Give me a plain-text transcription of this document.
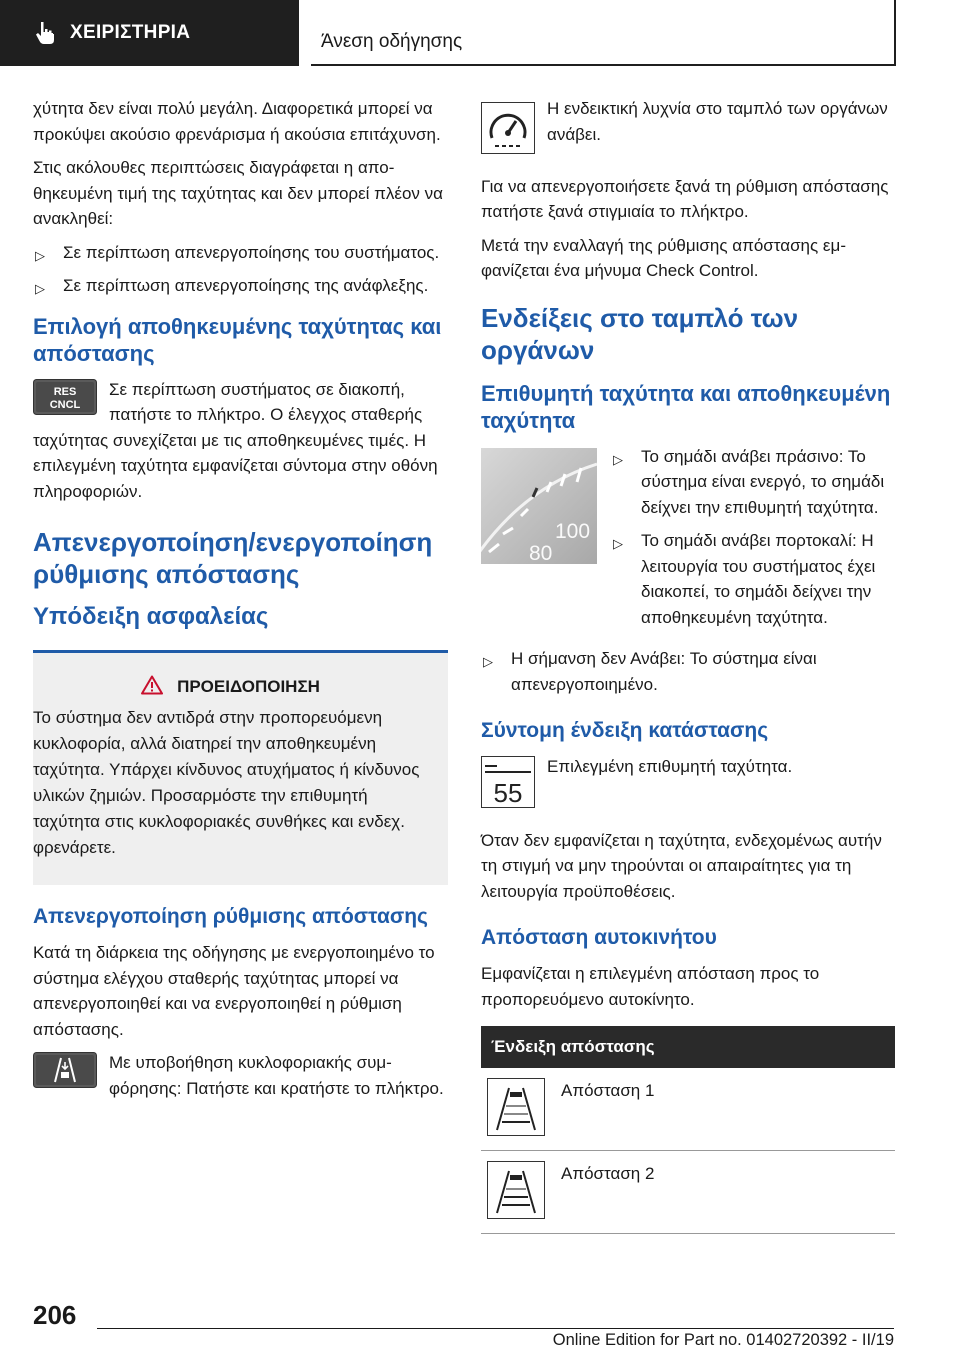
ΧΕΙΡΙΣΤΗΡΙΑ	Άνεση οδήγησης

χύτητα δεν είναι πολύ μεγάλη. Διαφορετικά μπορεί να προκύψει ακούσιο φρενάρισμα ή ακούσια επιτάχυνση.

Στις ακόλουθες περιπτώσεις διαγράφεται η αποθηκευμένη τιμή της ταχύτητας και δεν μπορεί πλέον να ανακληθεί:

▷ Σε περίπτωση απενεργοποίησης του συστήματος.
▷ Σε περίπτωση απενεργοποίησης της ανάφλεξης.
Επιλογή αποθηκευμένης ταχύτητας και απόστασης
RES
CNCL

Σε περίπτωση συστήματος σε διακοπή, πατήστε το πλήκτρο. Ο έλεγχος σταθερής ταχύτητας συνεχίζεται με τις αποθηκευμένες τιμές. Η επιλεγμένη ταχύτητα εμφανίζεται σύντομα στην οθόνη πληροφοριών.

Απενεργοποίηση/ενεργοποίηση ρύθμισης απόστασης
Υπόδειξη ασφαλείας
ΠΡΟΕΙΔΟΠΟΙΗΣΗ
Το σύστημα δεν αντιδρά στην προπορευόμενη κυκλοφορία, αλλά διατηρεί την αποθηκευμένη ταχύτητα. Υπάρχει κίνδυνος ατυχήματος ή κίνδυνος υλικών ζημιών. Προσαρμόστε την επιθυμητή ταχύτητα στις κυκλοφοριακές συνθήκες και ενδεχ. φρενάρετε.
Απενεργοποίηση ρύθμισης απόστασης

Κατά τη διάρκεια της οδήγησης με ενεργοποιημένο το σύστημα ελέγχου σταθερής ταχύτητας μπορεί να απενεργοποιηθεί και να ενεργοποιηθεί η ρύθμιση απόστασης.

Με υποβοήθηση κυκλοφοριακής συμφόρησης: Πατήστε και κρατήστε το πλήκτρο.

Η ενδεικτική λυχνία στο ταμπλό των οργάνων ανάβει.

Για να απενεργοποιήσετε ξανά τη ρύθμιση απόστασης πατήστε ξανά στιγμιαία το πλήκτρο.

Μετά την εναλλαγή της ρύθμισης απόστασης εμφανίζεται ένα μήνυμα Check Control.

Ενδείξεις στο ταμπλό των οργάνων
Επιθυμητή ταχύτητα και αποθηκευμένη ταχύτητα
100
80
▷ Το σημάδι ανάβει πράσινο: Το σύστημα είναι ενεργό, το σημάδι δείχνει την επιθυμητή ταχύτητα.
▷ Το σημάδι ανάβει πορτοκαλί: Η λειτουργία του συστήματος έχει διακοπεί, το σημάδι δείχνει την αποθηκευμένη ταχύτητα.
▷ Η σήμανση δεν Ανάβει: Το σύστημα είναι απενεργοποιημένο.
Σύντομη ένδειξη κατάστασης
55

Επιλεγμένη επιθυμητή ταχύτητα.

Όταν δεν εμφανίζεται η ταχύτητα, ενδεχομένως αυτήν τη στιγμή να μην τηρούνται οι απαιραίτητες για τη λειτουργία προϋποθέσεις.

Απόσταση αυτοκινήτου

Εμφανίζεται η επιλεγμένη απόσταση προς το προπορευόμενο αυτοκίνητο.

Ένδειξη απόστασης
Απόσταση 1
Απόσταση 2
206
Online Edition for Part no. 01402720392 - II/19
